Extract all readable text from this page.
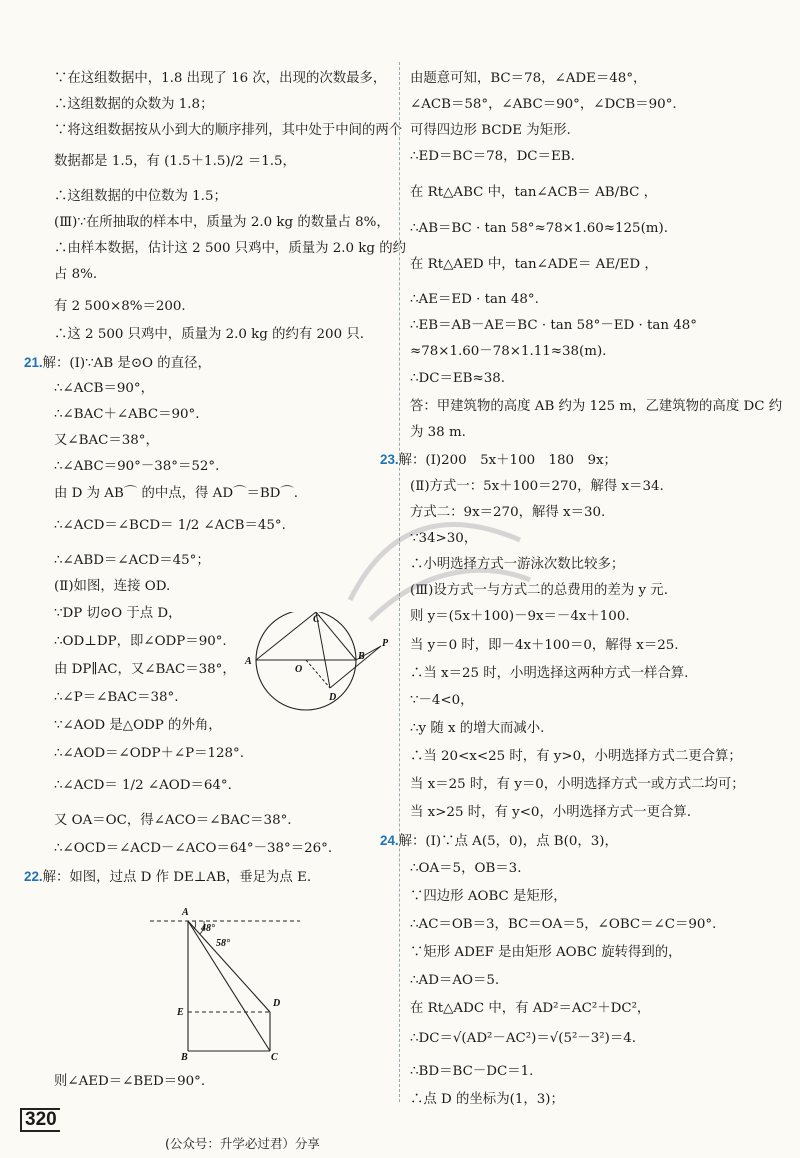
∵在这组数据中，1.8 出现了 16 次，出现的次数最多，
∴这组数据的众数为 1.8；
∵将这组数据按从小到大的顺序排列，其中处于中间的两个
数据都是 1.5，有 (1.5＋1.5)/2 ＝1.5，
∴这组数据的中位数为 1.5；
(Ⅲ)∵在所抽取的样本中，质量为 2.0 kg 的数量占 8%，
∴由样本数据，估计这 2 500 只鸡中，质量为 2.0 kg 的约
占 8%.
有 2 500×8%＝200.
∴这 2 500 只鸡中，质量为 2.0 kg 的约有 200 只.
21.解：(Ⅰ)∵AB 是⊙O 的直径，
∴∠ACB＝90°，
∴∠BAC＋∠ABC＝90°.
又∠BAC＝38°，
∴∠ABC＝90°－38°＝52°.
由 D 为 AB⌒ 的中点，得 AD⌒＝BD⌒.
∴∠ACD＝∠BCD＝ 1/2 ∠ACB＝45°.
∴∠ABD＝∠ACD＝45°；
(Ⅱ)如图，连接 OD.
∵DP 切⊙O 于点 D，
∴OD⊥DP，即∠ODP＝90°.
由 DP∥AC，又∠BAC＝38°，
∴∠P＝∠BAC＝38°.
∵∠AOD 是△ODP 的外角，
∴∠AOD＝∠ODP＋∠P＝128°.
∴∠ACD＝ 1/2 ∠AOD＝64°.
又 OA＝OC，得∠ACO＝∠BAC＝38°.
∴∠OCD＝∠ACD－∠ACO＝64°－38°＝26°.
22.解：如图，过点 D 作 DE⊥AB，垂足为点 E.
则∠AED＝∠BED＝90°.
由题意可知，BC＝78，∠ADE＝48°，
∠ACB＝58°，∠ABC＝90°，∠DCB＝90°.
可得四边形 BCDE 为矩形.
∴ED＝BC＝78，DC＝EB.
在 Rt△ABC 中，tan∠ACB＝ AB/BC ，
∴AB＝BC · tan 58°≈78×1.60≈125(m).
在 Rt△AED 中，tan∠ADE＝ AE/ED ，
∴AE＝ED · tan 48°.
∴EB＝AB－AE＝BC · tan 58°－ED · tan 48°
≈78×1.60－78×1.11≈38(m).
∴DC＝EB≈38.
答：甲建筑物的高度 AB 约为 125 m，乙建筑物的高度 DC 约
为 38 m.
23.解：(Ⅰ)200　5x＋100　180　9x；
(Ⅱ)方式一：5x＋100＝270，解得 x＝34.
方式二：9x＝270，解得 x＝30.
∵34>30，
∴小明选择方式一游泳次数比较多；
(Ⅲ)设方式一与方式二的总费用的差为 y 元.
则 y＝(5x＋100)－9x＝－4x＋100.
当 y＝0 时，即－4x＋100＝0，解得 x＝25.
∴当 x＝25 时，小明选择这两种方式一样合算.
∵－4<0，
∴y 随 x 的增大而减小.
∴当 20<x<25 时，有 y>0，小明选择方式二更合算；
当 x＝25 时，有 y＝0，小明选择方式一或方式二均可；
当 x>25 时，有 y<0，小明选择方式一更合算.
24.解：(Ⅰ)∵点 A(5，0)，点 B(0，3)，
∴OA＝5，OB＝3.
∵四边形 AOBC 是矩形，
∴AC＝OB＝3，BC＝OA＝5，∠OBC＝∠C＝90°.
∵矩形 ADEF 是由矩形 AOBC 旋转得到的，
∴AD＝AO＝5.
在 Rt△ADC 中，有 AD²＝AC²＋DC²，
∴DC＝√(AD²－AC²)＝√(5²－3²)＝4.
∴BD＝BC－DC＝1.
∴点 D 的坐标为(1，3)；
A	B
C
D
O
P
48°
58°
A
E
B	C
D
320
(公众号：升学必过君）分享
